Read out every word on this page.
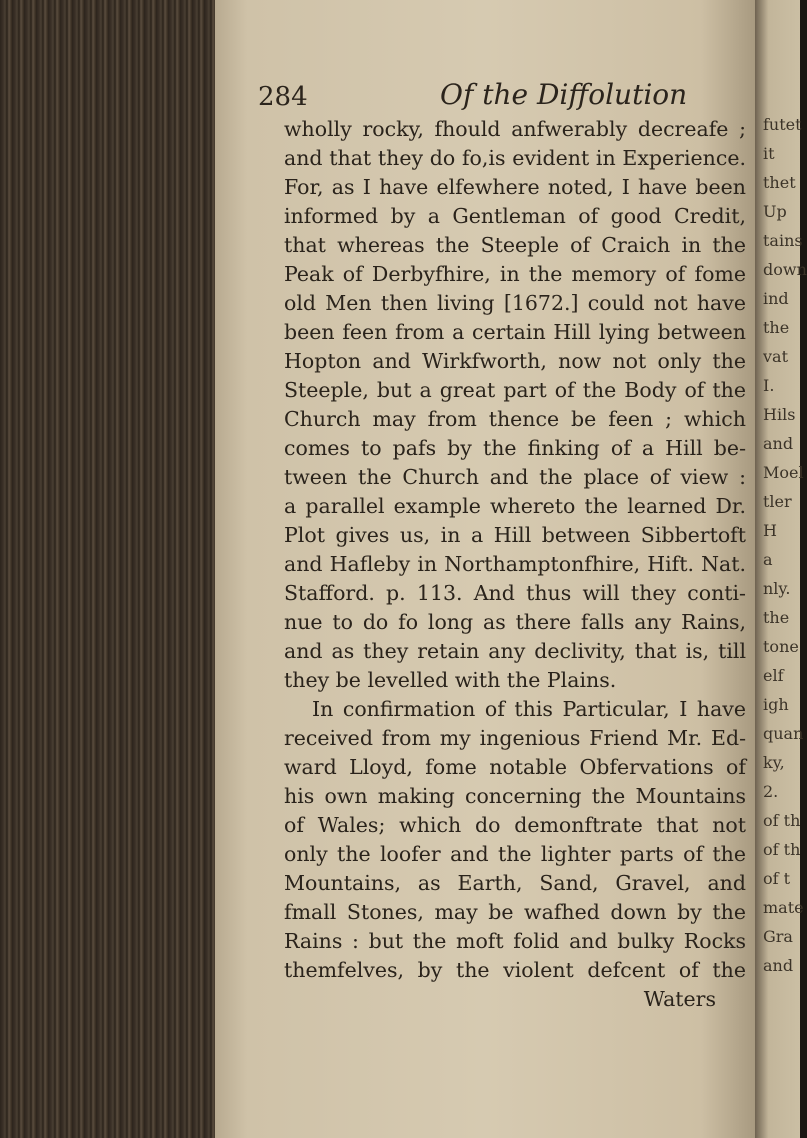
284	Of the Diffolution
wholly rocky, fhould anfwerably decreafe ;
and that they do fo,is evident in Experience.
For, as I have elfewhere noted, I have been
informed by a Gentleman of good Credit,
that whereas the Steeple of Craich in the
Peak of Derbyfhire, in the memory of fome
old Men then living [1672.] could not have
been feen from a certain Hill lying between
Hopton and Wirkfworth, now not only the
Steeple, but a great part of the Body of the
Church may from thence be feen ; which
comes to pafs by the finking of a Hill be-
tween the Church and the place of view :
a parallel example whereto the learned Dr.
Plot gives us, in a Hill between Sibbertoft
and Hafleby in Northamptonfhire, Hift. Nat.
Stafford. p. 113. And thus will they conti-
nue to do fo long as there falls any Rains,
and as they retain any declivity, that is, till
they be levelled with the Plains.
In confirmation of this Particular, I have
received from my ingenious Friend Mr. Ed-
ward Lloyd, fome notable Obfervations of
his own making concerning the Mountains
of Wales; which do demonftrate that not
only the loofer and the lighter parts of the
Mountains, as Earth, Sand, Gravel, and
fmall Stones, may be wafhed down by the
Rains : but the moft folid and bulky Rocks
themfelves, by the violent defcent of the
Waters
futet
it
thet
Up
tains
down
ind
the
vat
I.
Hils
and
Moel
tler
H
a
nly.
the
tone
elf
igh
quan
ky,
2.
of th
of th
of t
mate
Gra
and
